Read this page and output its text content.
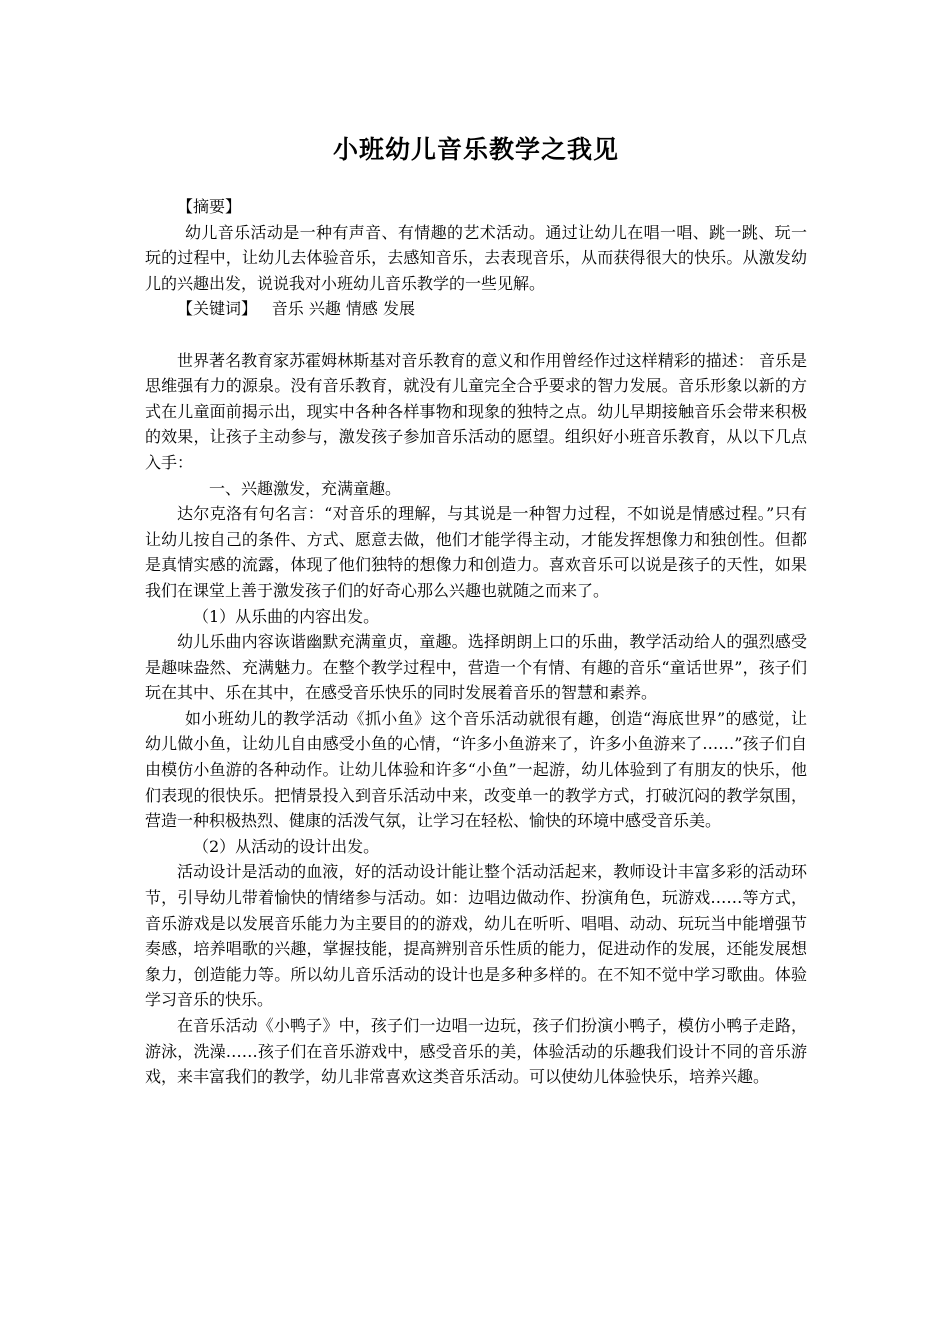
小班幼儿音乐教学之我见

【摘要】

幼儿音乐活动是一种有声音、有情趣的艺术活动。通过让幼儿在唱一唱、跳一跳、玩一玩的过程中，让幼儿去体验音乐，去感知音乐，去表现音乐，从而获得很大的快乐。从激发幼儿的兴趣出发，说说我对小班幼儿音乐教学的一些见解。

【关键词】 音乐 兴趣 情感 发展

世界著名教育家苏霍姆林斯基对音乐教育的意义和作用曾经作过这样精彩的描述： 音乐是思维强有力的源泉。没有音乐教育，就没有儿童完全合乎要求的智力发展。音乐形象以新的方式在儿童面前揭示出，现实中各种各样事物和现象的独特之点。幼儿早期接触音乐会带来积极的效果，让孩子主动参与，激发孩子参加音乐活动的愿望。组织好小班音乐教育，从以下几点入手：

一、兴趣激发，充满童趣。

达尔克洛有句名言：“对音乐的理解，与其说是一种智力过程，不如说是情感过程。”只有让幼儿按自己的条件、方式、愿意去做，他们才能学得主动，才能发挥想像力和独创性。但都是真情实感的流露，体现了他们独特的想像力和创造力。喜欢音乐可以说是孩子的天性，如果我们在课堂上善于激发孩子们的好奇心那么兴趣也就随之而来了。

（1）从乐曲的内容出发。

幼儿乐曲内容诙谐幽默充满童贞，童趣。选择朗朗上口的乐曲，教学活动给人的强烈感受是趣味盎然、充满魅力。在整个教学过程中，营造一个有情、有趣的音乐“童话世界”，孩子们玩在其中、乐在其中，在感受音乐快乐的同时发展着音乐的智慧和素养。

如小班幼儿的教学活动《抓小鱼》这个音乐活动就很有趣，创造“海底世界”的感觉，让幼儿做小鱼，让幼儿自由感受小鱼的心情，“许多小鱼游来了，许多小鱼游来了……”孩子们自由模仿小鱼游的各种动作。让幼儿体验和许多“小鱼”一起游，幼儿体验到了有朋友的快乐，他们表现的很快乐。把情景投入到音乐活动中来，改变单一的教学方式，打破沉闷的教学氛围，营造一种积极热烈、健康的活泼气氛，让学习在轻松、愉快的环境中感受音乐美。

（2）从活动的设计出发。

活动设计是活动的血液，好的活动设计能让整个活动活起来，教师设计丰富多彩的活动环节，引导幼儿带着愉快的情绪参与活动。如：边唱边做动作、扮演角色，玩游戏……等方式，音乐游戏是以发展音乐能力为主要目的的游戏，幼儿在听听、唱唱、动动、玩玩当中能增强节奏感，培养唱歌的兴趣，掌握技能，提高辨别音乐性质的能力，促进动作的发展，还能发展想象力，创造能力等。所以幼儿音乐活动的设计也是多种多样的。在不知不觉中学习歌曲。体验学习音乐的快乐。

在音乐活动《小鸭子》中，孩子们一边唱一边玩，孩子们扮演小鸭子，模仿小鸭子走路，游泳，洗澡……孩子们在音乐游戏中，感受音乐的美，体验活动的乐趣我们设计不同的音乐游戏，来丰富我们的教学，幼儿非常喜欢这类音乐活动。可以使幼儿体验快乐，培养兴趣。
